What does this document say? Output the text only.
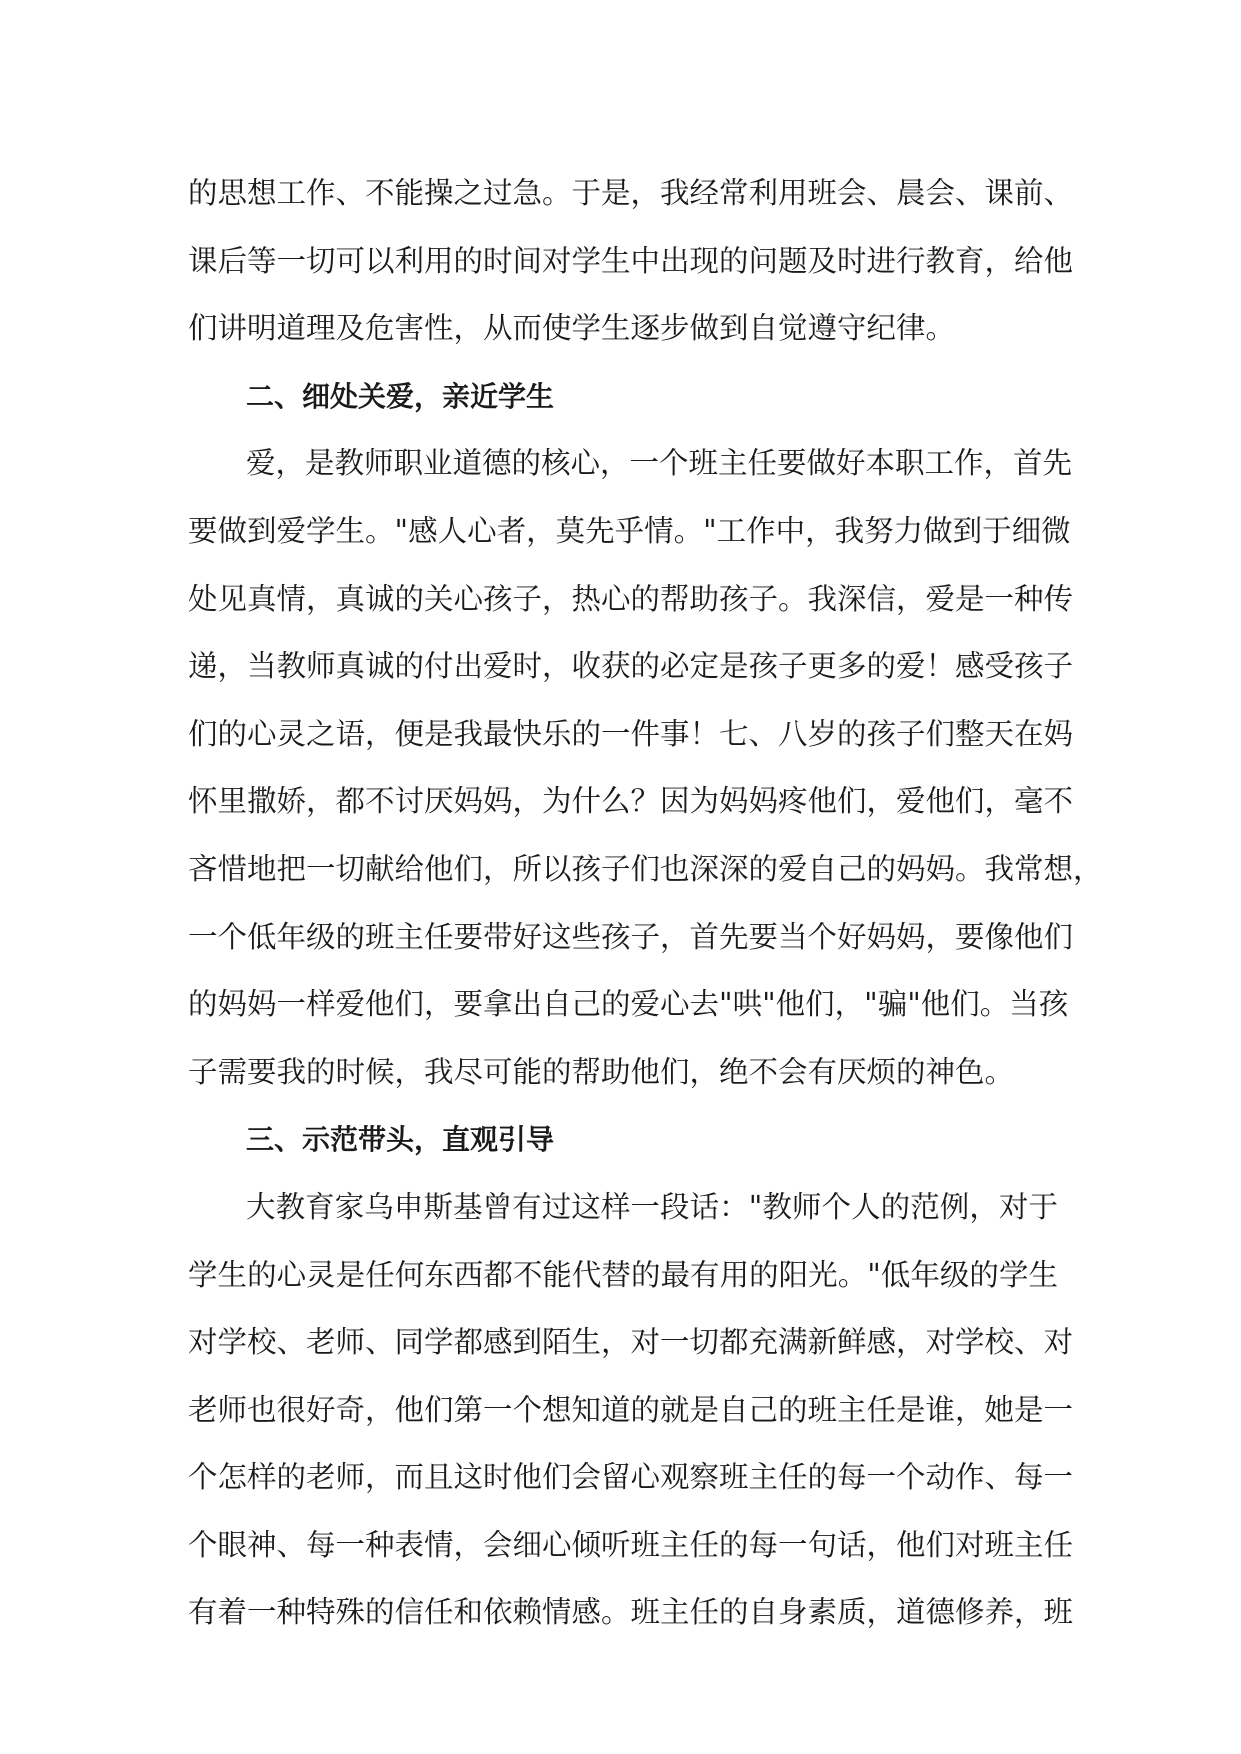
的思想工作、不能操之过急。于是，我经常利用班会、晨会、课前、
课后等一切可以利用的时间对学生中出现的问题及时进行教育，给他
们讲明道理及危害性，从而使学生逐步做到自觉遵守纪律。
二、细处关爱，亲近学生
爱，是教师职业道德的核心，一个班主任要做好本职工作，首先
要做到爱学生。"感人心者，莫先乎情。"工作中，我努力做到于细微
处见真情，真诚的关心孩子，热心的帮助孩子。我深信，爱是一种传
递，当教师真诚的付出爱时，收获的必定是孩子更多的爱！感受孩子
们的心灵之语，便是我最快乐的一件事！七、八岁的孩子们整天在妈
怀里撒娇，都不讨厌妈妈，为什么？因为妈妈疼他们，爱他们，毫不
吝惜地把一切献给他们，所以孩子们也深深的爱自己的妈妈。我常想，
一个低年级的班主任要带好这些孩子，首先要当个好妈妈，要像他们
的妈妈一样爱他们，要拿出自己的爱心去"哄"他们，"骗"他们。当孩
子需要我的时候，我尽可能的帮助他们，绝不会有厌烦的神色。
三、示范带头，直观引导
大教育家乌申斯基曾有过这样一段话："教师个人的范例，对于
学生的心灵是任何东西都不能代替的最有用的阳光。"低年级的学生
对学校、老师、同学都感到陌生，对一切都充满新鲜感，对学校、对
老师也很好奇，他们第一个想知道的就是自己的班主任是谁，她是一
个怎样的老师，而且这时他们会留心观察班主任的每一个动作、每一
个眼神、每一种表情，会细心倾听班主任的每一句话，他们对班主任
有着一种特殊的信任和依赖情感。班主任的自身素质，道德修养，班
